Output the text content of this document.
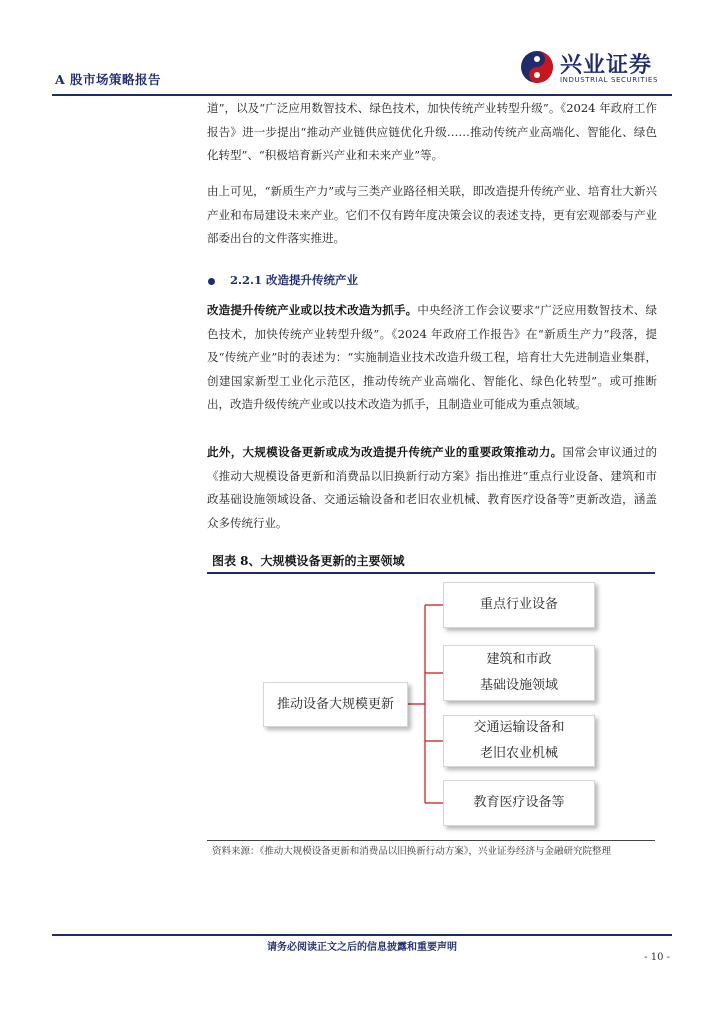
A 股市场策略报告
兴业证券
INDUSTRIAL SECURITIES
道”，以及“广泛应用数智技术、绿色技术，加快传统产业转型升级”。《2024 年政府工作报告》进一步提出“推动产业链供应链优化升级……推动传统产业高端化、智能化、绿色化转型”、“积极培育新兴产业和未来产业”等。
由上可见，“新质生产力”或与三类产业路径相关联，即改造提升传统产业、培育壮大新兴产业和布局建设未来产业。它们不仅有跨年度决策会议的表述支持，更有宏观部委与产业部委出台的文件落实推进。
2.2.1 改造提升传统产业
改造提升传统产业或以技术改造为抓手。中央经济工作会议要求“广泛应用数智技术、绿色技术，加快传统产业转型升级”。《2024 年政府工作报告》在“新质生产力”段落，提及“传统产业”时的表述为：“实施制造业技术改造升级工程，培育壮大先进制造业集群，创建国家新型工业化示范区，推动传统产业高端化、智能化、绿色化转型”。或可推断出，改造升级传统产业或以技术改造为抓手，且制造业可能成为重点领域。
此外，大规模设备更新或成为改造提升传统产业的重要政策推动力。国常会审议通过的《推动大规模设备更新和消费品以旧换新行动方案》指出推进“重点行业设备、建筑和市政基础设施领域设备、交通运输设备和老旧农业机械、教育医疗设备等”更新改造，涵盖众多传统行业。
图表 8、大规模设备更新的主要领域
推动设备大规模更新
重点行业设备
建筑和市政
基础设施领域
交通运输设备和
老旧农业机械
教育医疗设备等
资料来源：《推动大规模设备更新和消费品以旧换新行动方案》，兴业证券经济与金融研究院整理
请务必阅读正文之后的信息披露和重要声明
- 10 -
